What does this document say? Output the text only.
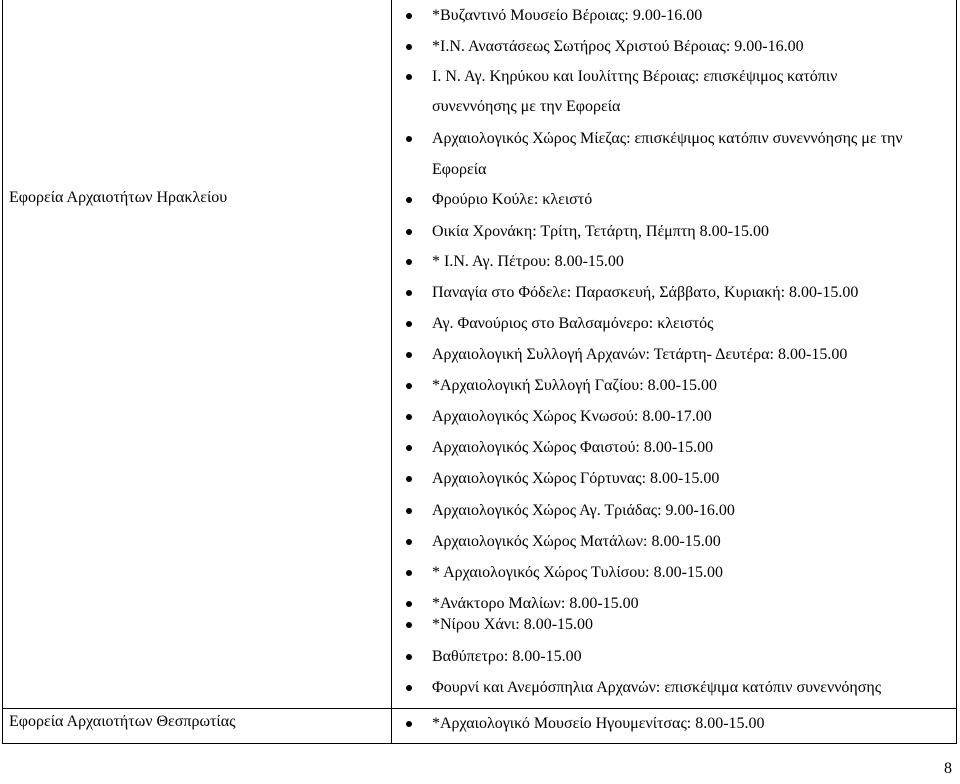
Εφορεία Αρχαιοτήτων Ηρακλείου
*Βυζαντινό Μουσείο Βέροιας: 9.00-16.00
*Ι.Ν. Αναστάσεως Σωτήρος Χριστού Βέροιας: 9.00-16.00
Ι. Ν. Αγ. Κηρύκου και Ιουλίττης Βέροιας: επισκέψιμος κατόπιν
συνεννόησης με την Εφορεία
Αρχαιολογικός Χώρος Μίεζας: επισκέψιμος κατόπιν συνεννόησης με την
Εφορεία
Φρούριο Κούλε: κλειστό
Οικία Χρονάκη: Τρίτη, Τετάρτη, Πέμπτη 8.00-15.00
* Ι.Ν. Αγ. Πέτρου: 8.00-15.00
Παναγία στο Φόδελε: Παρασκευή, Σάββατο, Κυριακή: 8.00-15.00
Αγ. Φανούριος στο Βαλσαμόνερο: κλειστός
Αρχαιολογική Συλλογή Αρχανών: Τετάρτη- Δευτέρα: 8.00-15.00
*Αρχαιολογική Συλλογή Γαζίου: 8.00-15.00
Αρχαιολογικός Χώρος Κνωσού: 8.00-17.00
Αρχαιολογικός Χώρος Φαιστού: 8.00-15.00
Αρχαιολογικός Χώρος Γόρτυνας: 8.00-15.00
Αρχαιολογικός Χώρος Αγ. Τριάδας: 9.00-16.00
Αρχαιολογικός Χώρος Ματάλων: 8.00-15.00
* Αρχαιολογικός Χώρος Τυλίσου: 8.00-15.00
*Ανάκτορο Μαλίων: 8.00-15.00
*Νίρου Χάνι: 8.00-15.00
Βαθύπετρο: 8.00-15.00
Φουρνί και Ανεμόσπηλια Αρχανών: επισκέψιμα κατόπιν συνεννόησης
Εφορεία Αρχαιοτήτων Θεσπρωτίας	*Αρχαιολογικό Μουσείο Ηγουμενίτσας: 8.00-15.00
8
